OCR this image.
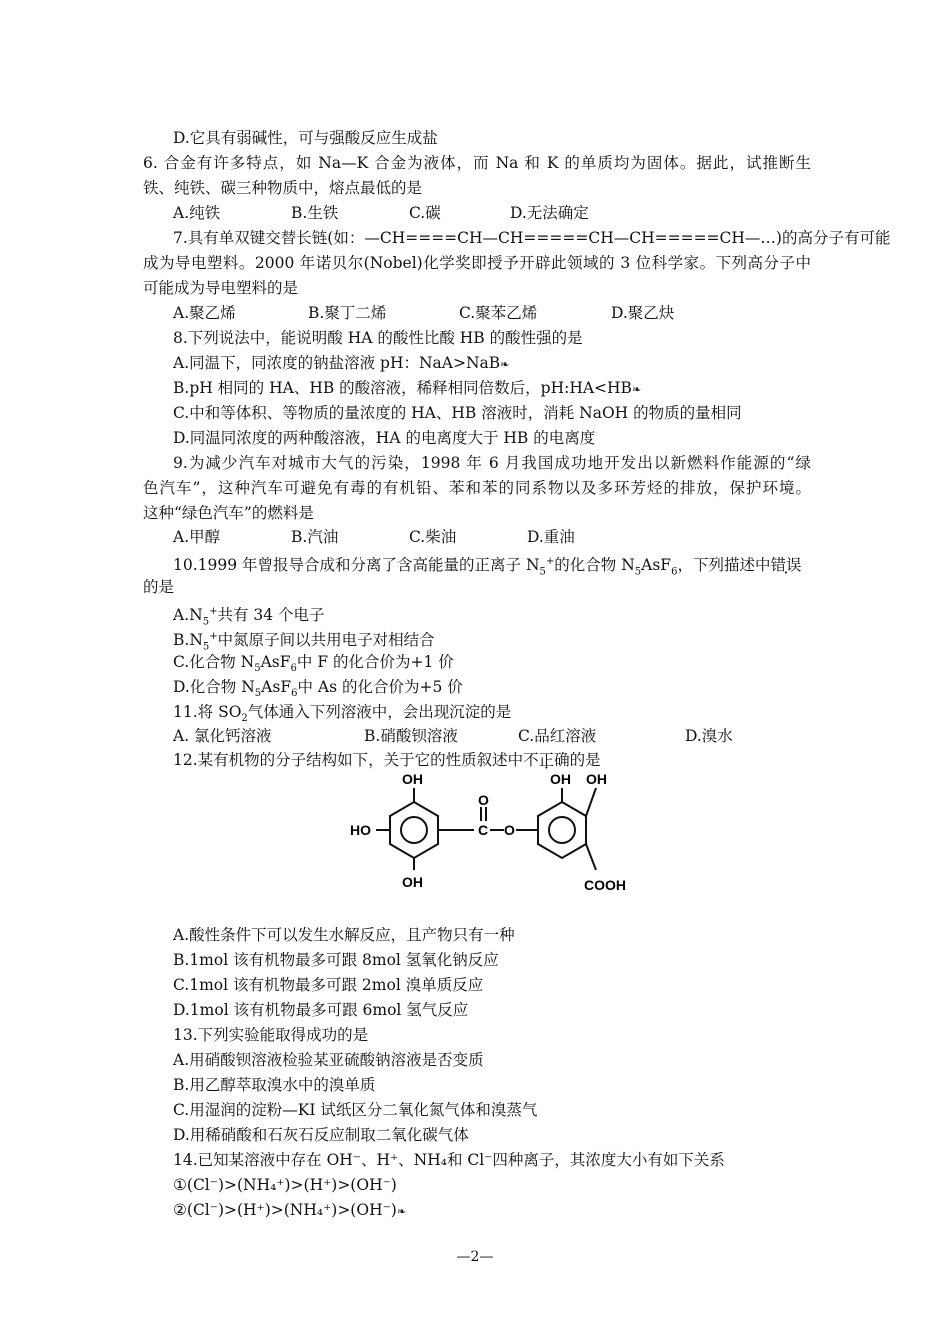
D.它具有弱碱性，可与强酸反应生成盐
6. 合金有许多特点，如 Na—K 合金为液体，而 Na 和 K 的单质均为固体。据此，试推断生
铁、纯铁、碳三种物质中，熔点最低的是
A.纯铁	B.生铁	C.碳	D.无法确定
7.具有单双键交替长链(如：—CH====CH—CH=====CH—CH=====CH—…)的高分子有可能
成为导电塑料。2000 年诺贝尔(Nobel)化学奖即授予开辟此领域的 3 位科学家。下列高分子中
可能成为导电塑料的是
A.聚乙烯	B.聚丁二烯	C.聚苯乙烯	D.聚乙炔
8.下列说法中，能说明酸 HA 的酸性比酸 HB 的酸性强的是
A.同温下，同浓度的钠盐溶液 pH：NaA>NaB❧
B.pH 相同的 HA、HB 的酸溶液，稀释相同倍数后，pH:HA<HB❧
C.中和等体积、等物质的量浓度的 HA、HB 溶液时，消耗 NaOH 的物质的量相同
D.同温同浓度的两种酸溶液，HA 的电离度大于 HB 的电离度
9.为减少汽车对城市大气的污染，1998 年 6 月我国成功地开发出以新燃料作能源的“绿
色汽车”，这种汽车可避免有毒的有机铅、苯和苯的同系物以及多环芳烃的排放，保护环境。
这种“绿色汽车”的燃料是
A.甲醇	B.汽油	C.柴油	D.重油
10.1999 年曾报导合成和分离了含高能量的正离子 $N_5^+$的化合物 $N_5AsF_6$，下列描述中错误
的是
$A.N_5^+$共有 34 个电子
$B.N_5^+$中氮原子间以共用电子对相结合
C.化合物 $N_5AsF_6$中 F 的化合价为+1 价
D.化合物 $N_5AsF_6$中 As 的化合价为+5 价
11.将 $SO_2$气体通入下列溶液中，会出现沉淀的是
A. 氯化钙溶液	B.硝酸钡溶液	C.品红溶液	D.溴水
12.某有机物的分子结构如下，关于它的性质叙述中不正确的是
OH
HO
OH
O
C O
OH OH
COOH
A.酸性条件下可以发生水解反应，且产物只有一种
B.1mol 该有机物最多可跟 8mol 氢氧化钠反应
C.1mol 该有机物最多可跟 2mol 溴单质反应
D.1mol 该有机物最多可跟 6mol 氢气反应
13.下列实验能取得成功的是
A.用硝酸钡溶液检验某亚硫酸钠溶液是否变质
B.用乙醇萃取溴水中的溴单质
C.用湿润的淀粉—KI 试纸区分二氧化氮气体和溴蒸气
D.用稀硝酸和石灰石反应制取二氧化碳气体
14.已知某溶液中存在 OH⁻、H⁺、NH₄和 Cl⁻四种离子，其浓度大小有如下关系
①(Cl⁻)>(NH₄⁺)>(H⁺)>(OH⁻)
②(Cl⁻)>(H⁺)>(NH₄⁺)>(OH⁻)❧
—2—
